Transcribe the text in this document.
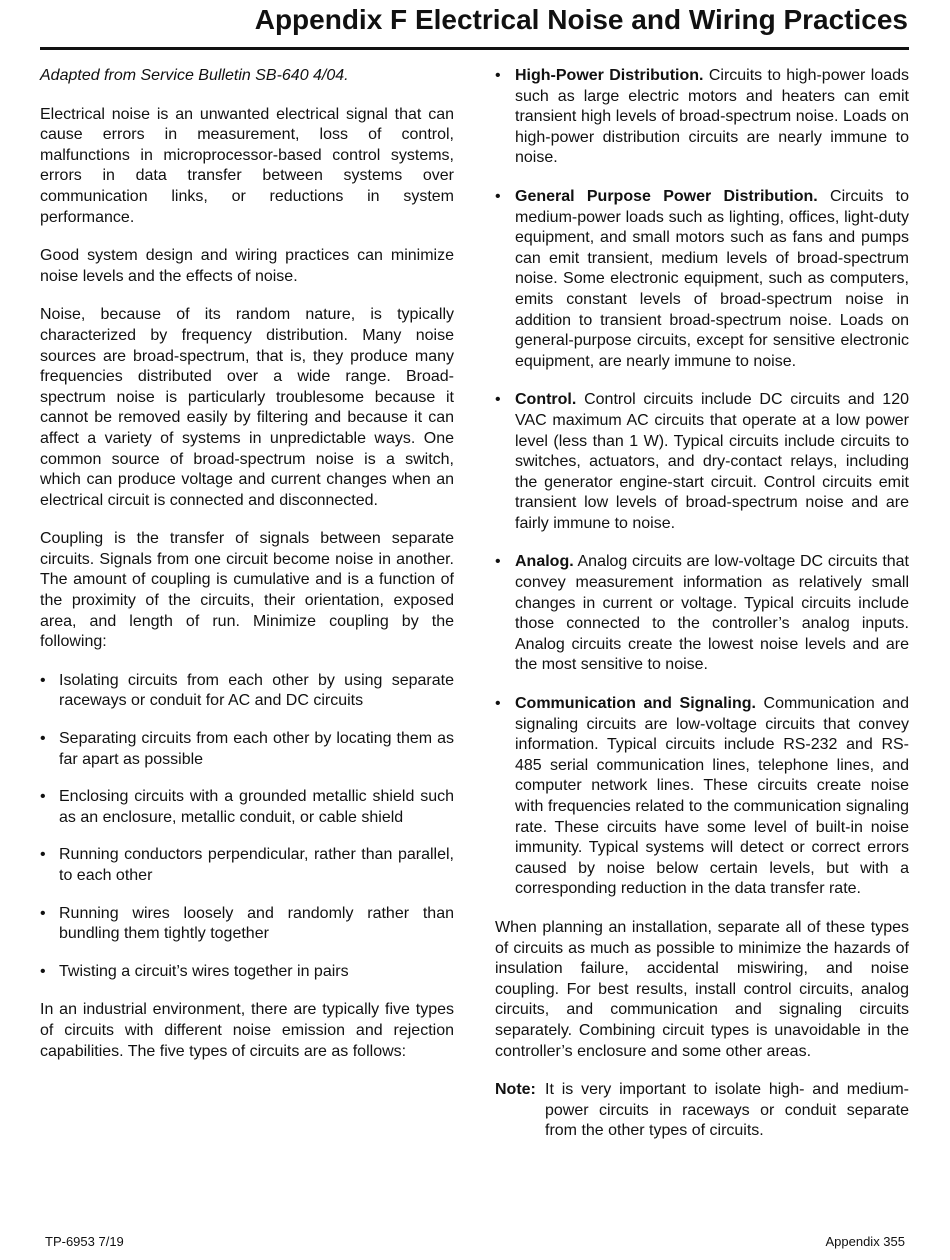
Appendix F Electrical Noise and Wiring Practices

Adapted from Service Bulletin SB-640 4/04.

Electrical noise is an unwanted electrical signal that can cause errors in measurement, loss of control, malfunctions in microprocessor-based control systems, errors in data transfer between systems over communication links, or reductions in system performance.

Good system design and wiring practices can minimize noise levels and the effects of noise.

Noise, because of its random nature, is typically characterized by frequency distribution. Many noise sources are broad-spectrum, that is, they produce many frequencies distributed over a wide range. Broad-spectrum noise is particularly troublesome because it cannot be removed easily by filtering and because it can affect a variety of systems in unpredictable ways. One common source of broad-spectrum noise is a switch, which can produce voltage and current changes when an electrical circuit is connected and disconnected.

Coupling is the transfer of signals between separate circuits. Signals from one circuit become noise in another. The amount of coupling is cumulative and is a function of the proximity of the circuits, their orientation, exposed area, and length of run. Minimize coupling by the following:

• Isolating circuits from each other by using separate raceways or conduit for AC and DC circuits
• Separating circuits from each other by locating them as far apart as possible
• Enclosing circuits with a grounded metallic shield such as an enclosure, metallic conduit, or cable shield
• Running conductors perpendicular, rather than parallel, to each other
• Running wires loosely and randomly rather than bundling them tightly together
• Twisting a circuit’s wires together in pairs

In an industrial environment, there are typically five types of circuits with different noise emission and rejection capabilities. The five types of circuits are as follows:

• High-Power Distribution. Circuits to high-power loads such as large electric motors and heaters can emit transient high levels of broad-spectrum noise. Loads on high-power distribution circuits are nearly immune to noise.
• General Purpose Power Distribution. Circuits to medium-power loads such as lighting, offices, light-duty equipment, and small motors such as fans and pumps can emit transient, medium levels of broad-spectrum noise. Some electronic equipment, such as computers, emits constant levels of broad-spectrum noise in addition to transient broad-spectrum noise. Loads on general-purpose circuits, except for sensitive electronic equipment, are nearly immune to noise.
• Control. Control circuits include DC circuits and 120 VAC maximum AC circuits that operate at a low power level (less than 1 W). Typical circuits include circuits to switches, actuators, and dry-contact relays, including the generator engine-start circuit. Control circuits emit transient low levels of broad-spectrum noise and are fairly immune to noise.
• Analog. Analog circuits are low-voltage DC circuits that convey measurement information as relatively small changes in current or voltage. Typical circuits include those connected to the controller’s analog inputs. Analog circuits create the lowest noise levels and are the most sensitive to noise.
• Communication and Signaling. Communication and signaling circuits are low-voltage circuits that convey information. Typical circuits include RS-232 and RS-485 serial communication lines, telephone lines, and computer network lines. These circuits create noise with frequencies related to the communication signaling rate. These circuits have some level of built-in noise immunity. Typical systems will detect or correct errors caused by noise below certain levels, but with a corresponding reduction in the data transfer rate.

When planning an installation, separate all of these types of circuits as much as possible to minimize the hazards of insulation failure, accidental miswiring, and noise coupling. For best results, install control circuits, analog circuits, and communication and signaling circuits separately. Combining circuit types is unavoidable in the controller’s enclosure and some other areas.

Note: It is very important to isolate high- and medium-power circuits in raceways or conduit separate from the other types of circuits.
TP-6953 7/19	Appendix 355
